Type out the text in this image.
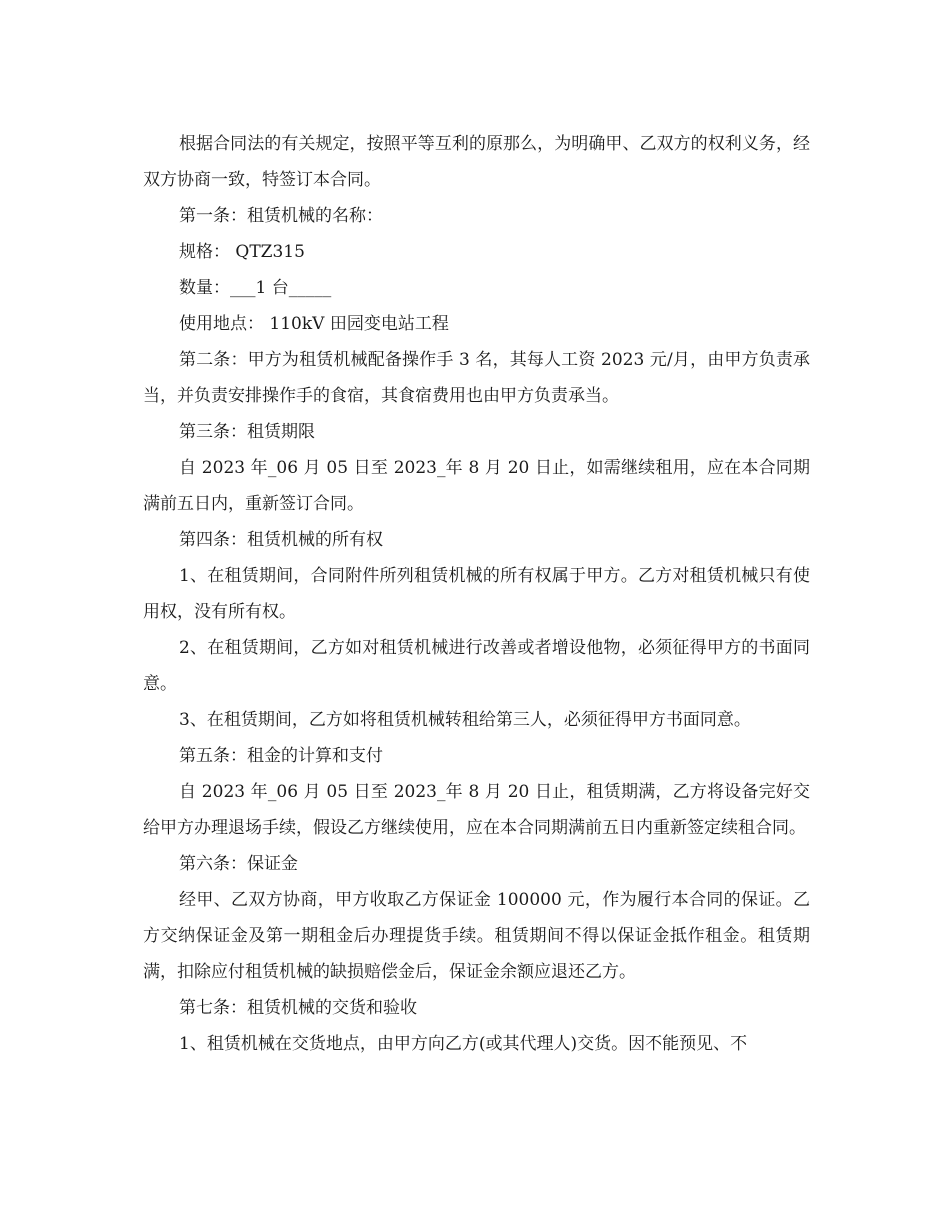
根据合同法的有关规定，按照平等互利的原那么，为明确甲、乙双方的权利义务，经双方协商一致，特签订本合同。

第一条：租赁机械的名称：

规格： QTZ315

数量：___1 台_____

使用地点： 110kV 田园变电站工程

第二条：甲方为租赁机械配备操作手 3 名，其每人工资 2023 元/月，由甲方负责承当，并负责安排操作手的食宿，其食宿费用也由甲方负责承当。

第三条：租赁期限

自 2023 年_06 月 05 日至 2023_年 8 月 20 日止，如需继续租用，应在本合同期满前五日内，重新签订合同。

第四条：租赁机械的所有权

1、在租赁期间，合同附件所列租赁机械的所有权属于甲方。乙方对租赁机械只有使用权，没有所有权。

2、在租赁期间，乙方如对租赁机械进行改善或者增设他物，必须征得甲方的书面同意。

3、在租赁期间，乙方如将租赁机械转租给第三人，必须征得甲方书面同意。

第五条：租金的计算和支付

自 2023 年_06 月 05 日至 2023_年 8 月 20 日止，租赁期满，乙方将设备完好交给甲方办理退场手续，假设乙方继续使用，应在本合同期满前五日内重新签定续租合同。

第六条：保证金

经甲、乙双方协商，甲方收取乙方保证金 100000 元，作为履行本合同的保证。乙方交纳保证金及第一期租金后办理提货手续。租赁期间不得以保证金抵作租金。租赁期满，扣除应付租赁机械的缺损赔偿金后，保证金余额应退还乙方。

第七条：租赁机械的交货和验收

1、租赁机械在交货地点，由甲方向乙方(或其代理人)交货。因不能预见、不
